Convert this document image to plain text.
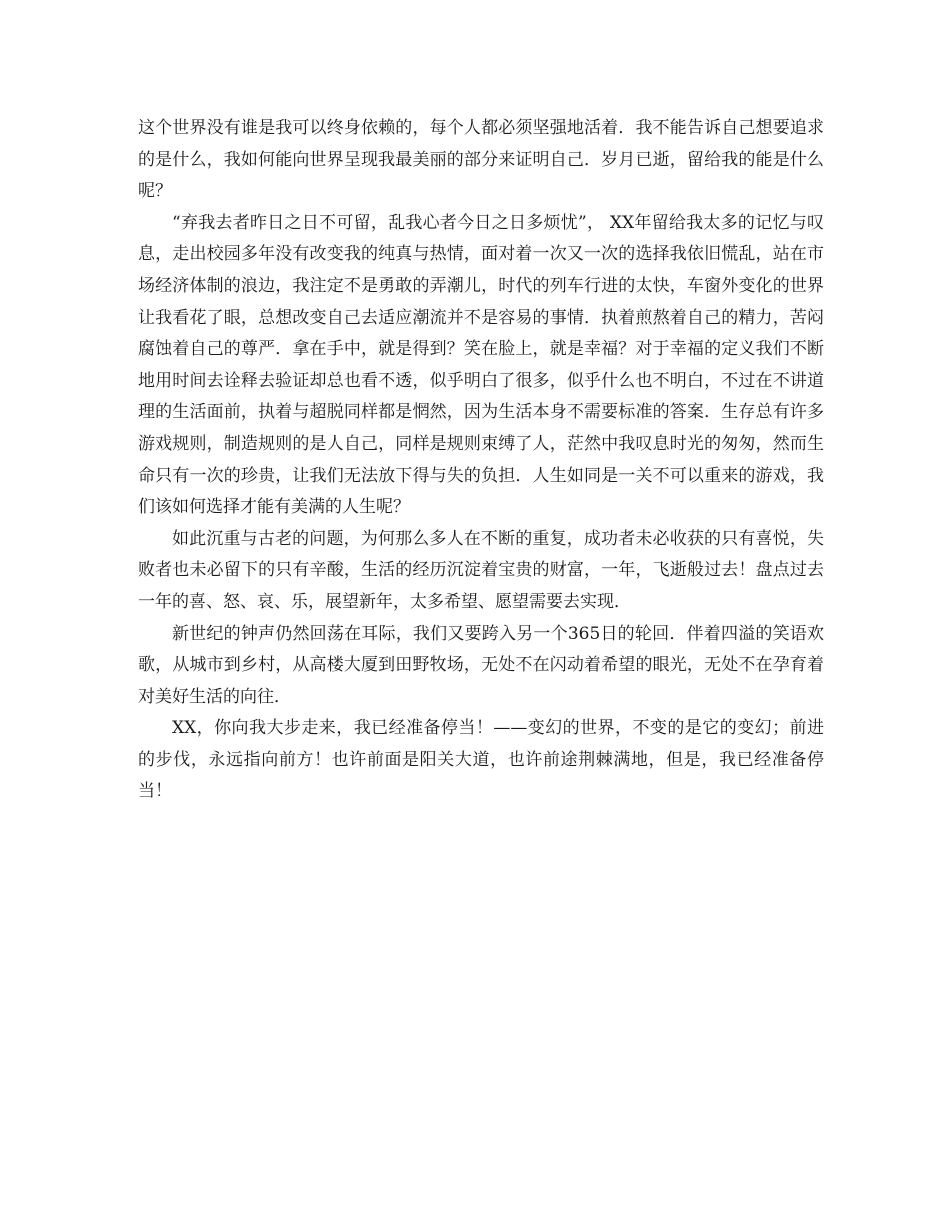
这个世界没有谁是我可以终身依赖的，每个人都必须坚强地活着．我不能告诉自己想要追求的是什么，我如何能向世界呈现我最美丽的部分来证明自己．岁月已逝，留给我的能是什么呢？

“弃我去者昨日之日不可留，乱我心者今日之日多烦忧”， XX年留给我太多的记忆与叹息，走出校园多年没有改变我的纯真与热情，面对着一次又一次的选择我依旧慌乱，站在市场经济体制的浪边，我注定不是勇敢的弄潮儿，时代的列车行进的太快，车窗外变化的世界让我看花了眼，总想改变自己去适应潮流并不是容易的事情．执着煎熬着自己的精力，苦闷腐蚀着自己的尊严．拿在手中，就是得到？笑在脸上，就是幸福？对于幸福的定义我们不断地用时间去诠释去验证却总也看不透，似乎明白了很多，似乎什么也不明白，不过在不讲道理的生活面前，执着与超脱同样都是惘然，因为生活本身不需要标准的答案．生存总有许多游戏规则，制造规则的是人自己，同样是规则束缚了人，茫然中我叹息时光的匆匆，然而生命只有一次的珍贵，让我们无法放下得与失的负担．人生如同是一关不可以重来的游戏，我们该如何选择才能有美满的人生呢？

如此沉重与古老的问题，为何那么多人在不断的重复，成功者未必收获的只有喜悦，失败者也未必留下的只有辛酸，生活的经历沉淀着宝贵的财富，一年，飞逝般过去！盘点过去一年的喜、怒、哀、乐，展望新年，太多希望、愿望需要去实现．

新世纪的钟声仍然回荡在耳际，我们又要跨入另一个365日的轮回．伴着四溢的笑语欢歌，从城市到乡村，从高楼大厦到田野牧场，无处不在闪动着希望的眼光，无处不在孕育着对美好生活的向往．

XX，你向我大步走来，我已经准备停当！——变幻的世界，不变的是它的变幻；前进的步伐，永远指向前方！也许前面是阳关大道，也许前途荆棘满地，但是，我已经准备停当！
